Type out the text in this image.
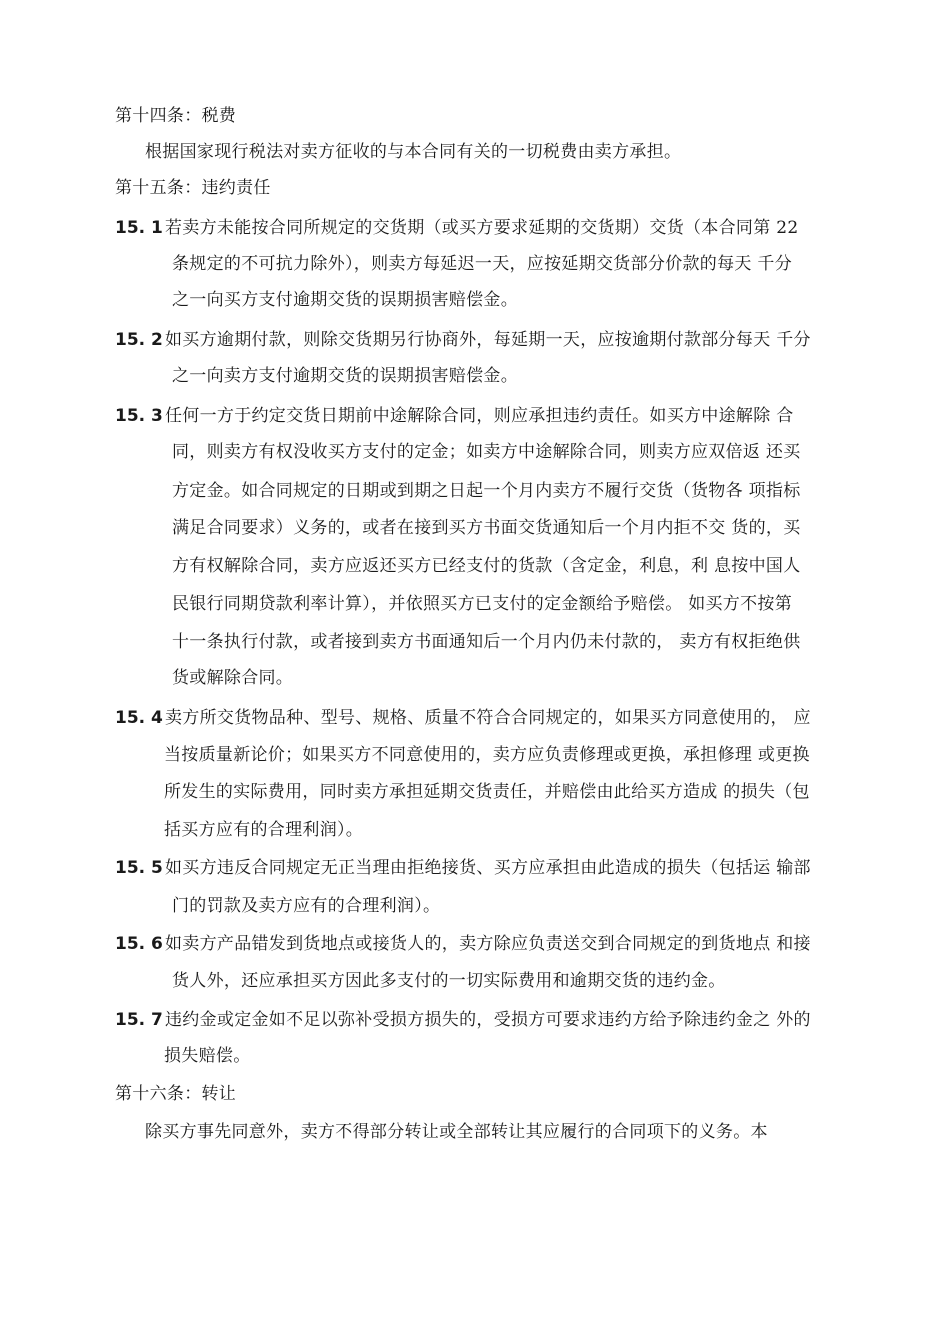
第十四条：税费
根据国家现行税法对卖方征收的与本合同有关的一切税费由卖方承担。
第十五条：违约责任
15. 1 若卖方未能按合同所规定的交货期（或买方要求延期的交货期）交货（本合同第 22
条规定的不可抗力除外），则卖方每延迟一天，应按延期交货部分价款的每天 千分
之一向买方支付逾期交货的误期损害赔偿金。
15. 2 如买方逾期付款，则除交货期另行协商外，每延期一天，应按逾期付款部分每天 千分
之一向卖方支付逾期交货的误期损害赔偿金。
15. 3 任何一方于约定交货日期前中途解除合同，则应承担违约责任。如买方中途解除 合
同，则卖方有权没收买方支付的定金；如卖方中途解除合同，则卖方应双倍返 还买
方定金。如合同规定的日期或到期之日起一个月内卖方不履行交货（货物各 项指标
满足合同要求）义务的，或者在接到买方书面交货通知后一个月内拒不交 货的，买
方有权解除合同，卖方应返还买方已经支付的货款（含定金，利息，利 息按中国人
民银行同期贷款利率计算），并依照买方已支付的定金额给予赔偿。 如买方不按第
十一条执行付款，或者接到卖方书面通知后一个月内仍未付款的， 卖方有权拒绝供
货或解除合同。
15. 4 卖方所交货物品种、型号、规格、质量不符合合同规定的，如果买方同意使用的， 应
当按质量新论价；如果买方不同意使用的，卖方应负责修理或更换，承担修理 或更换
所发生的实际费用，同时卖方承担延期交货责任，并赔偿由此给买方造成 的损失（包
括买方应有的合理利润）。
15. 5 如买方违反合同规定无正当理由拒绝接货、买方应承担由此造成的损失（包括运 输部
门的罚款及卖方应有的合理利润）。
15. 6 如卖方产品错发到货地点或接货人的，卖方除应负责送交到合同规定的到货地点 和接
货人外，还应承担买方因此多支付的一切实际费用和逾期交货的违约金。
15. 7 违约金或定金如不足以弥补受损方损失的，受损方可要求违约方给予除违约金之 外的
损失赔偿。
第十六条：转让
除买方事先同意外，卖方不得部分转让或全部转让其应履行的合同项下的义务。本
